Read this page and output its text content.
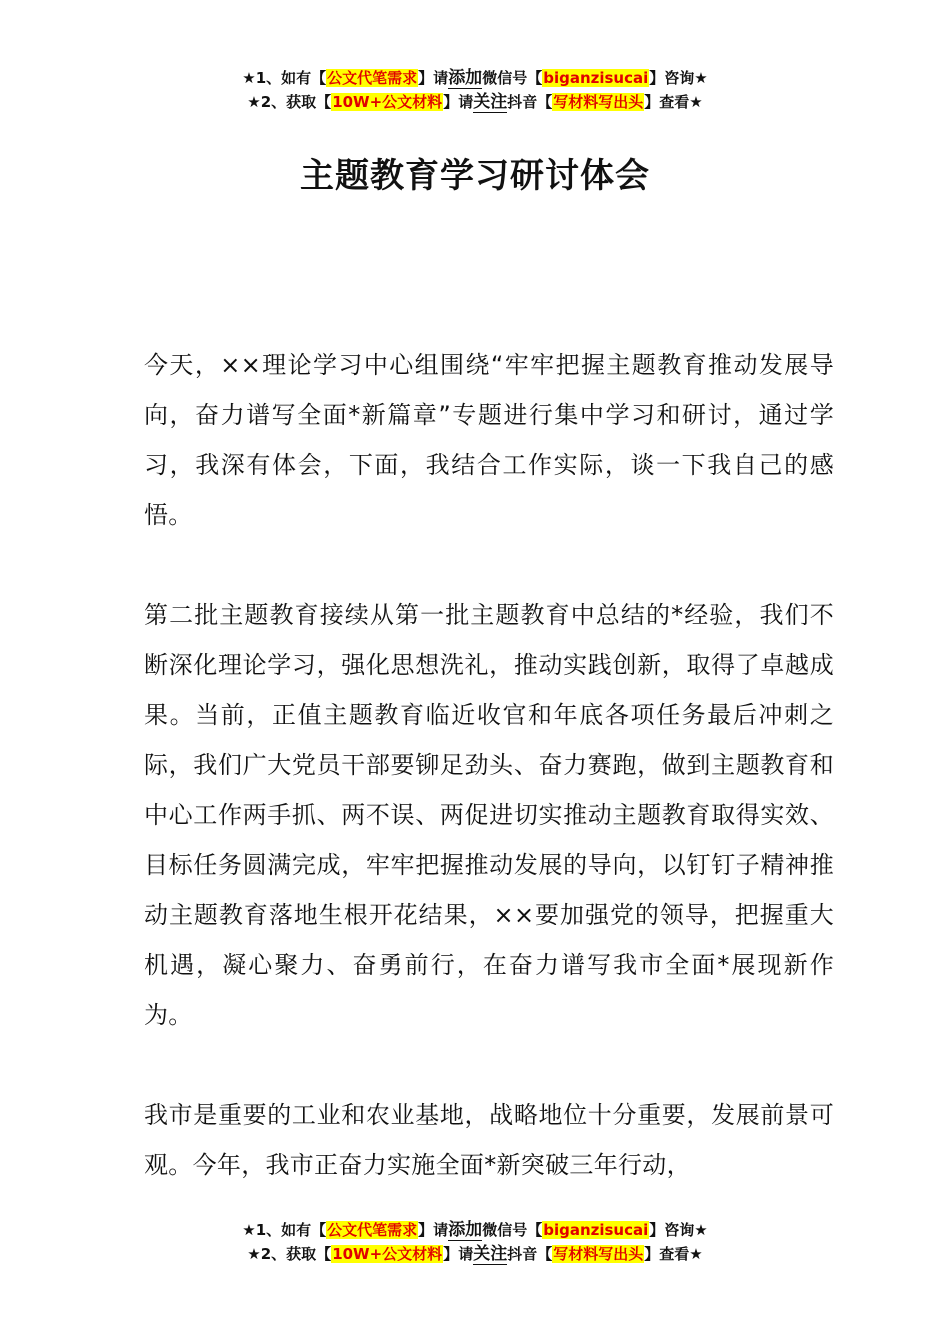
★1、如有【公文代笔需求】请添加微信号【biganzisucai】咨询★
★2、获取【10W+公文材料】请关注抖音【写材料写出头】查看★
主题教育学习研讨体会

今天，××理论学习中心组围绕“牢牢把握主题教育推动发展导向，奋力谱写全面*新篇章”专题进行集中学习和研讨，通过学习，我深有体会，下面，我结合工作实际，谈一下我自己的感悟。

第二批主题教育接续从第一批主题教育中总结的*经验，我们不断深化理论学习，强化思想洗礼，推动实践创新，取得了卓越成果。当前，正值主题教育临近收官和年底各项任务最后冲刺之际，我们广大党员干部要铆足劲头、奋力赛跑，做到主题教育和中心工作两手抓、两不误、两促进切实推动主题教育取得实效、目标任务圆满完成，牢牢把握推动发展的导向，以钉钉子精神推动主题教育落地生根开花结果，××要加强党的领导，把握重大机遇，凝心聚力、奋勇前行，在奋力谱写我市全面*展现新作为。

我市是重要的工业和农业基地，战略地位十分重要，发展前景可观。今年，我市正奋力实施全面*新突破三年行动，

★1、如有【公文代笔需求】请添加微信号【biganzisucai】咨询★
★2、获取【10W+公文材料】请关注抖音【写材料写出头】查看★
